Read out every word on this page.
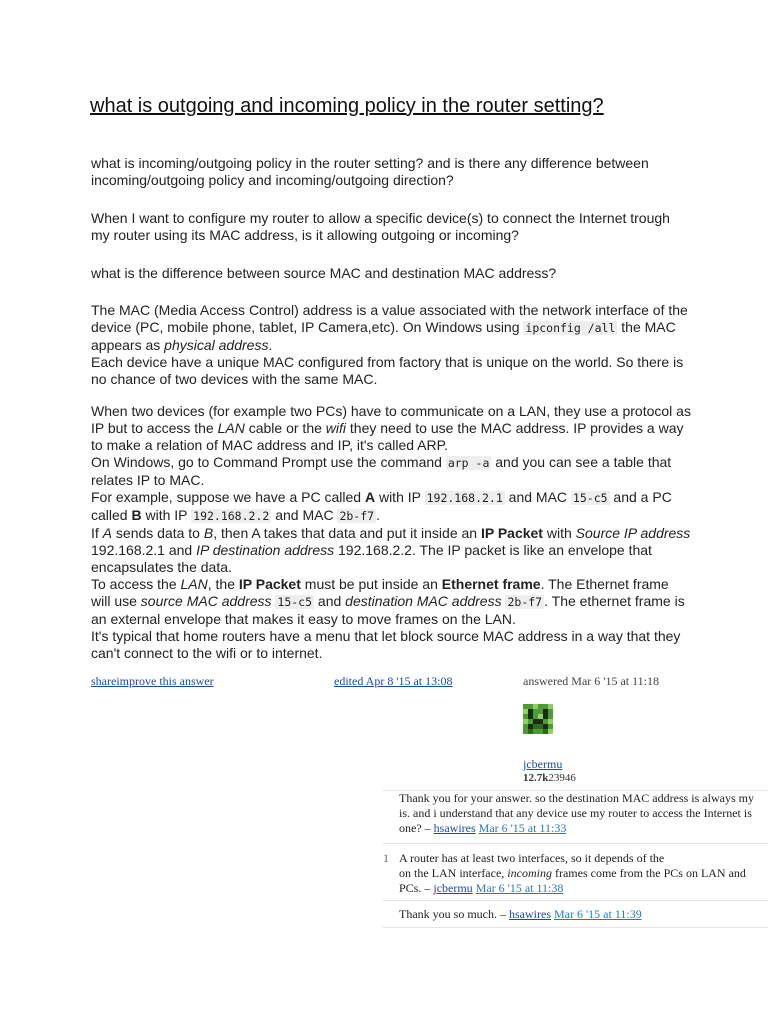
what is outgoing and incoming policy in the router setting?

what is incoming/outgoing policy in the router setting? and is there any difference between incoming/outgoing policy and incoming/outgoing direction?

When I want to configure my router to allow a specific device(s) to connect the Internet trough my router using its MAC address, is it allowing outgoing or incoming?

what is the difference between source MAC and destination MAC address?

The MAC (Media Access Control) address is a value associated with the network interface of the device (PC, mobile phone, tablet, IP Camera,etc). On Windows using ipconfig /all the MAC appears as physical address.
Each device have a unique MAC configured from factory that is unique on the world. So there is no chance of two devices with the same MAC.
When two devices (for example two PCs) have to communicate on a LAN, they use a protocol as IP but to access the LAN cable or the wifi they need to use the MAC address. IP provides a way to make a relation of MAC address and IP, it's called ARP.
On Windows, go to Command Prompt use the command arp -a and you can see a table that relates IP to MAC.
For example, suppose we have a PC called A with IP 192.168.2.1 and MAC 15-c5 and a PC called B with IP 192.168.2.2 and MAC 2b-f7 .
If A sends data to B, then A takes that data and put it inside an IP Packet with Source IP address 192.168.2.1 and IP destination address 192.168.2.2. The IP packet is like an envelope that encapsulates the data.
To access the LAN, the IP Packet must be put inside an Ethernet frame. The Ethernet frame will use source MAC address 15-c5 and destination MAC address 2b-f7 . The ethernet frame is an external envelope that makes it easy to move frames on the LAN.
It's typical that home routers have a menu that let block source MAC address in a way that they can't connect to the wifi or to internet.
shareimprove this answer	edited Apr 8 '15 at 13:08	answered Mar 6 '15 at 11:18
jcbermu
12.7k23946
Thank you for your answer. so the destination MAC address is always my
is. and i understand that any device use my router to access the Internet is
one? – hsawires Mar 6 '15 at 11:33
1 A router has at least two interfaces, so it depends of the
on the LAN interface, incoming frames come from the PCs on LAN and
PCs. – jcbermu Mar 6 '15 at 11:38
Thank you so much. – hsawires Mar 6 '15 at 11:39
